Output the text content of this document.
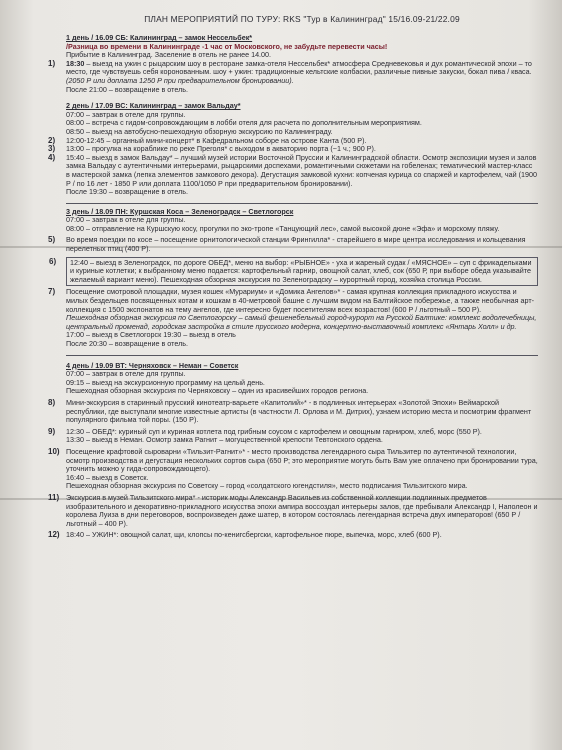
ПЛАН МЕРОПРИЯТИЙ ПО ТУРУ: RKS "Тур в Калининград" 15/16.09-21/22.09
1 день / 16.09 СБ: Калининград – замок Нессельбек*
/Разница во времени в Калининграде -1 час от Московского, не забудьте перевести часы!
Прибытие в Калининград. Заселение в отель не ранее 14.00.
1) 18:30 – выезд на ужин с рыцарским шоу в ресторане замка-отеля Нессельбек* атмосфера Средневековья и дух романтической эпохи – то место, где чувствуешь себя коронованным. шоу + ужин: традиционные кельтские колбаски, различные пивные закуски, бокал пива / кваса.
(2050 Р или доплата 1250 Р при предварительном бронировании).
После 21:00 – возвращение в отель.
2 день / 17.09 ВС: Калининград – замок Вальдау*
07:00 – завтрак в отеле для группы.
08:00 – встреча с гидом-сопровождающим в лобби отеля для расчета по дополнительным мероприятиям.
08:50 – выезд на автобусно-пешеходную обзорную экскурсию по Калининграду.
2) 12:00-12:45 – органный мини-концерт* в Кафедральном соборе на острове Канта (500 Р).
3) 13:00 – прогулка на кораблике по реке Преголя* с выходом в акваторию порта (~1 ч.; 900 Р).
4) 15:40 – выезд в замок Вальдау* – лучший музей истории Восточной Пруссии и Калининградской области. Осмотр экспозиции музея и залов замка Вальдау с аутентичными интерьерами, рыцарскими доспехами, романтичными сюжетами на гобеленах; тематический мастер-класс в мастерской замка (лепка элементов замкового декора). Дегустация замковой кухни: копченая курица со спаржей и картофелем, чай (1900 Р / по 16 лет - 1850 Р или доплата 1100/1050 Р при предварительном бронировании).
После 19:30 – возвращение в отель.
3 день / 18.09 ПН: Куршская Коса – Зеленоградск – Светлогорск
07:00 – завтрак в отеле для группы.
08:00 – отправление на Куршскую косу, прогулки по эко-тропе «Танцующий лес», самой высокой дюне «Эфа» и морскому пляжу.
5) Во время поездки по косе – посещение орнитологической станции Фрингилла* - старейшего в мире центра исследования и кольцевания перелетных птиц (400 Р).
6) 12:40 – выезд в Зеленоградск, по дороге ОБЕД*, меню на выбор: «РЫБНОЕ» - уха и жареный судак / «МЯСНОЕ» – суп с фрикадельками и куриные котлетки; к выбранному меню подается: картофельный гарнир, овощной салат, хлеб, сок (650 Р, при выборе обеда указывайте желаемый вариант меню). Пешеходная обзорная экскурсия по Зеленоградску – курортный город, хозяйка столица России.
7) Посещение смотровой площадки, музея кошек «Мурариум» и «Домика Ангелов»* - самая крупная коллекция прикладного искусства и милых бездельцев посвященных котам и кошкам в 40-метровой башне с лучшим видом на Балтийское побережье, а также необычная арт-коллекция с 1500 экспонатов на тему ангелов, где интересно будет посетителям всех возрастов! (600 Р / льготный – 500 Р).
Пешеходная обзорная экскурсия по Светлогорску – самый фешенебельный город-курорт на Русской Балтике: комплекс водолечебницы, центральный променад, городская застройка в стиле прусского модерна, концертно-выставочный комплекс «Янтарь Холл» и др.
17:00 – выезд в Светлогорск 19:30 – выезд в отель
После 20:30 – возвращение в отель.
4 день / 19.09 ВТ: Черняховск – Неман – Советск
07:00 – завтрак в отеле для группы.
09:15 – выезд на экскурсионную программу на целый день.
Пешеходная обзорная экскурсия по Черняховску – один из красивейших городов региона.
8) Мини-экскурсия в старинный прусский кинотеатр-варьете «Капитолий»* - в подлинных интерьерах «Золотой Эпохи» Веймарской республики, где выступали многие известные артисты (в частности Л. Орлова и М. Дитрих), узнаем историю места и посмотрим фрагмент популярного фильма той поры. (150 Р).
9) 12:30 – ОБЕД*: куриный суп и куриная котлета под грибным соусом с картофелем и овощным гарниром, хлеб, морс (550 Р).
13:30 – выезд в Неман. Осмотр замка Рагнит – могущественной крепости Тевтонского ордена.
10) Посещение крафтовой сыроварни «Тильзит-Рагнит»* - место производства легендарного сыра Тильзитер по аутентичной технологии, осмотр производства и дегустация нескольких сортов сыра (650 Р; это мероприятие могуть быть Вам уже оплачено при бронировании тура, уточнить можно у гида-сопровождающего).
16:40 – выезд в Советск.
Пешеходная обзорная экскурсия по Советску – город «солдатского югендстиля», место подписания Тильзитского мира.
11) Экскурсия в музей Тильзитского мира* - историк моды Александр Васильев из собственной коллекции подлинных предметов изобразительного и декоративно-прикладного искусства эпохи ампира воссоздал интерьеры залов, где пребывали Александр I, Наполеон и королева Луиза в дни переговоров, воспроизведен даже шатер, в котором состоялась легендарная встреча двух императоров! (650 Р / льготный – 400 Р).
12) 18:40 – УЖИН*: овощной салат, щи, клопсы по-кенигсбергски, картофельное пюре, выпечка, морс, хлеб (600 Р).
